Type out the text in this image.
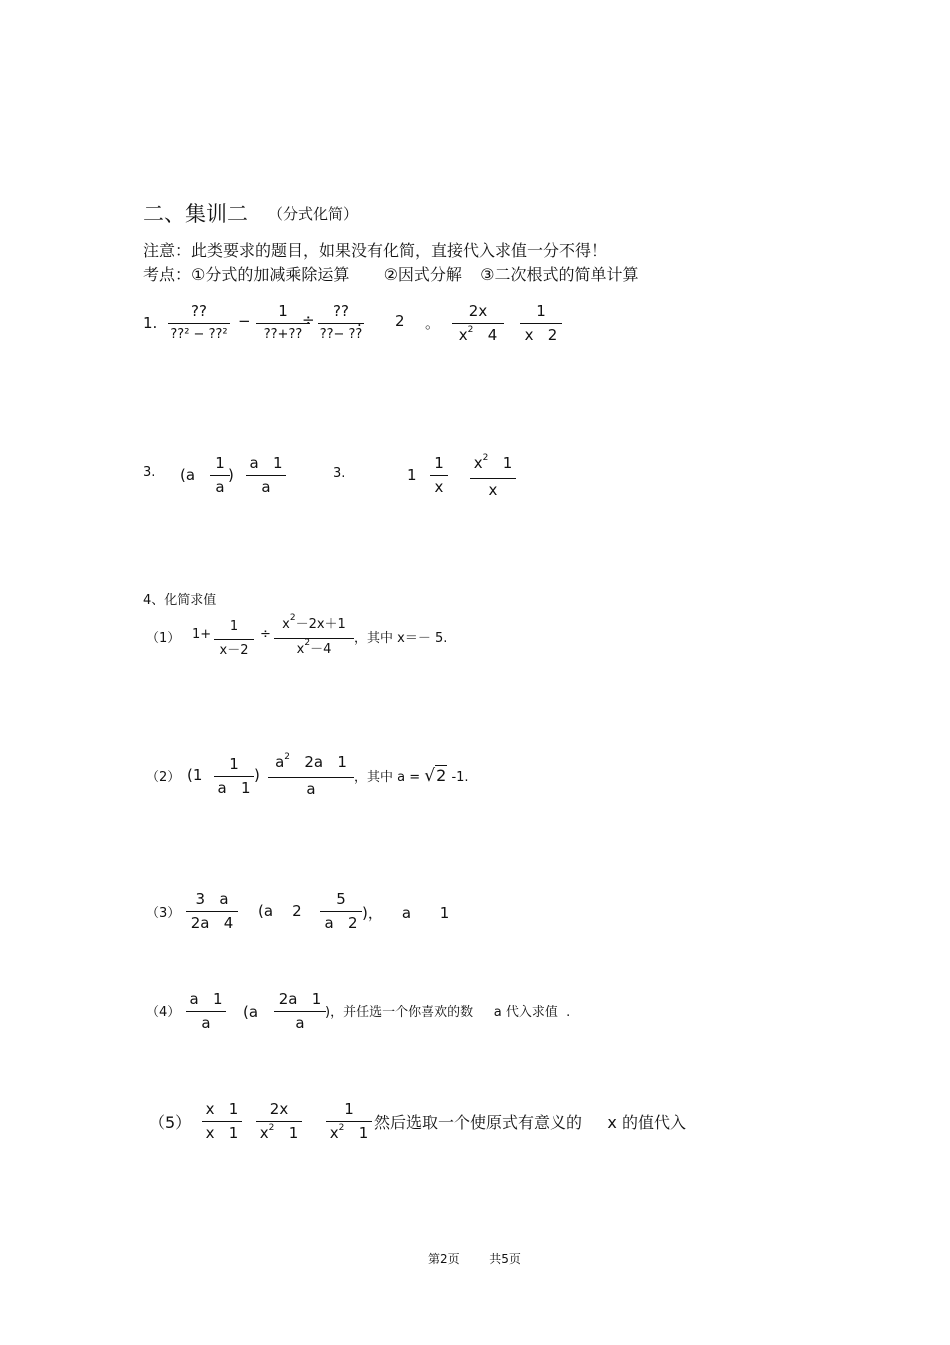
二、集训二 （分式化简）
注意：此类要求的题目，如果没有化简，直接代入求值一分不得！
考点：①分式的加减乘除运算 ②因式分解 ③二次根式的简单计算
1.
??
??² − ??²
−
1
??+??
÷	??
??− ??
. 2 。
2x
$x^2$ 4
1
x   2
3. (a
1
a
)
a   1
a
3.	1
1
x
$x^2$ 1
x
4、化简求值
（1） 1+
1
x－2
÷
$x^2-2x+1$
$x^2-4$
，其中 x＝－ 5.
（2） (1
1
a   1
)
$a^2$ 2a   1
a
，其中 a = √2 -1.
（3）
3   a
2a   4
(a    2
5
a   2
)，    a      1
（4）
a   1
a
(a
2a   1
a
)，并任选一个你喜欢的数     a 代入求值  .
（5）
x   1
x   1
2x
$x^2$ 1
1
$x^2$ 1
然后选取一个使原式有意义的     x 的值代入
第2页 共5页
